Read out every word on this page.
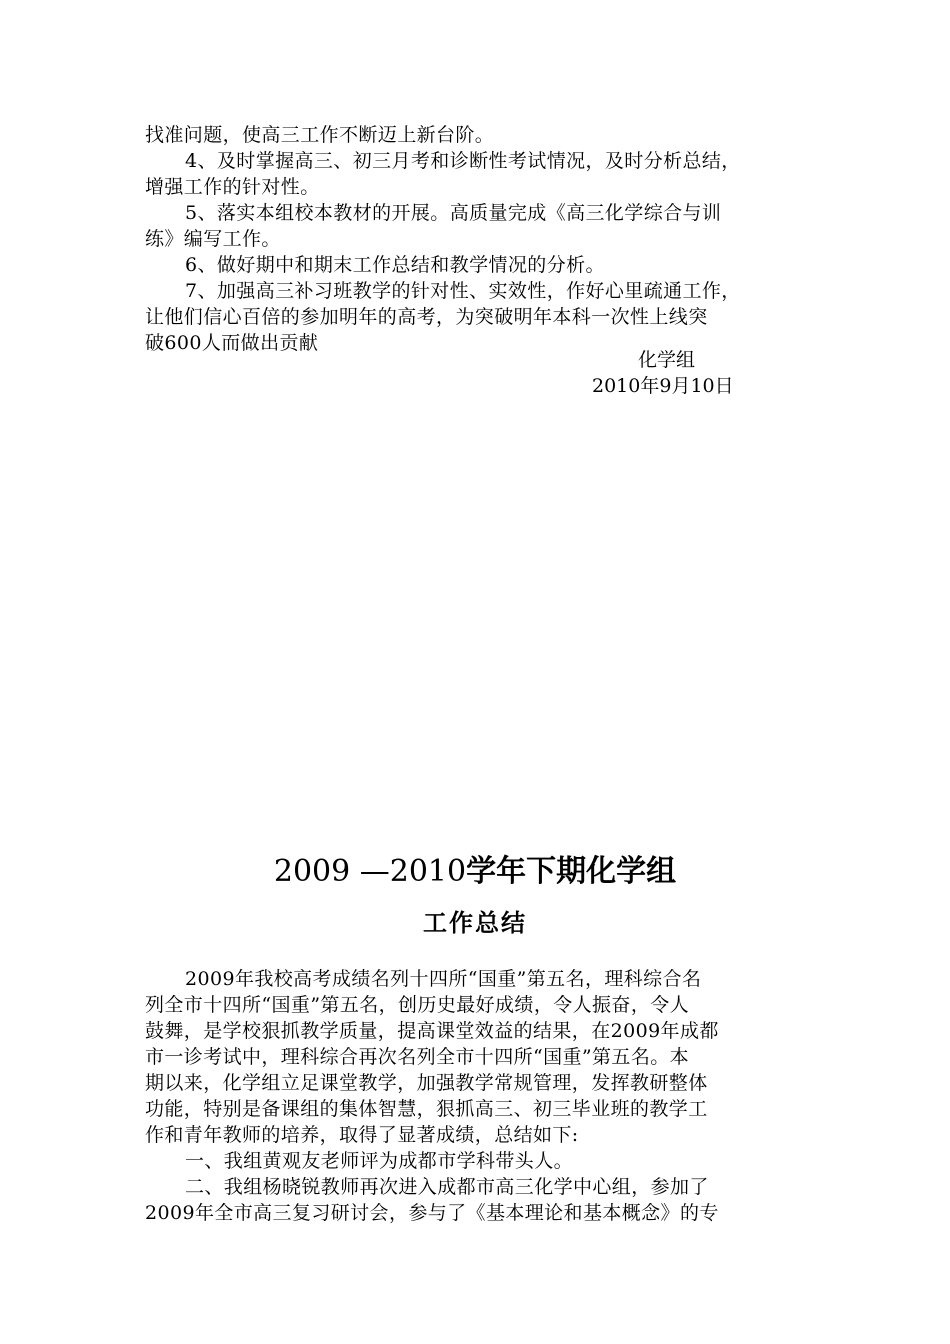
找准问题，使高三工作不断迈上新台阶。
4、及时掌握高三、初三月考和诊断性考试情况，及时分析总结，
增强工作的针对性。
5、落实本组校本教材的开展。高质量完成《高三化学综合与训
练》编写工作。
6、做好期中和期末工作总结和教学情况的分析。
7、加强高三补习班教学的针对性、实效性，作好心里疏通工作，
让他们信心百倍的参加明年的高考，为突破明年本科一次性上线突
破600人而做出贡献
化学组
2010年9月10日
2009 —2010学年下期化学组
工作总结
2009年我校高考成绩名列十四所“国重”第五名，理科综合名
列全市十四所“国重”第五名，创历史最好成绩，令人振奋，令人
鼓舞，是学校狠抓教学质量，提高课堂效益的结果，在2009年成都
市一诊考试中，理科综合再次名列全市十四所“国重”第五名。本
期以来，化学组立足课堂教学，加强教学常规管理，发挥教研整体
功能，特别是备课组的集体智慧，狠抓高三、初三毕业班的教学工
作和青年教师的培养，取得了显著成绩，总结如下:
一、我组黄观友老师评为成都市学科带头人。
二、我组杨晓锐教师再次进入成都市高三化学中心组，参加了
2009年全市高三复习研讨会，参与了《基本理论和基本概念》的专
